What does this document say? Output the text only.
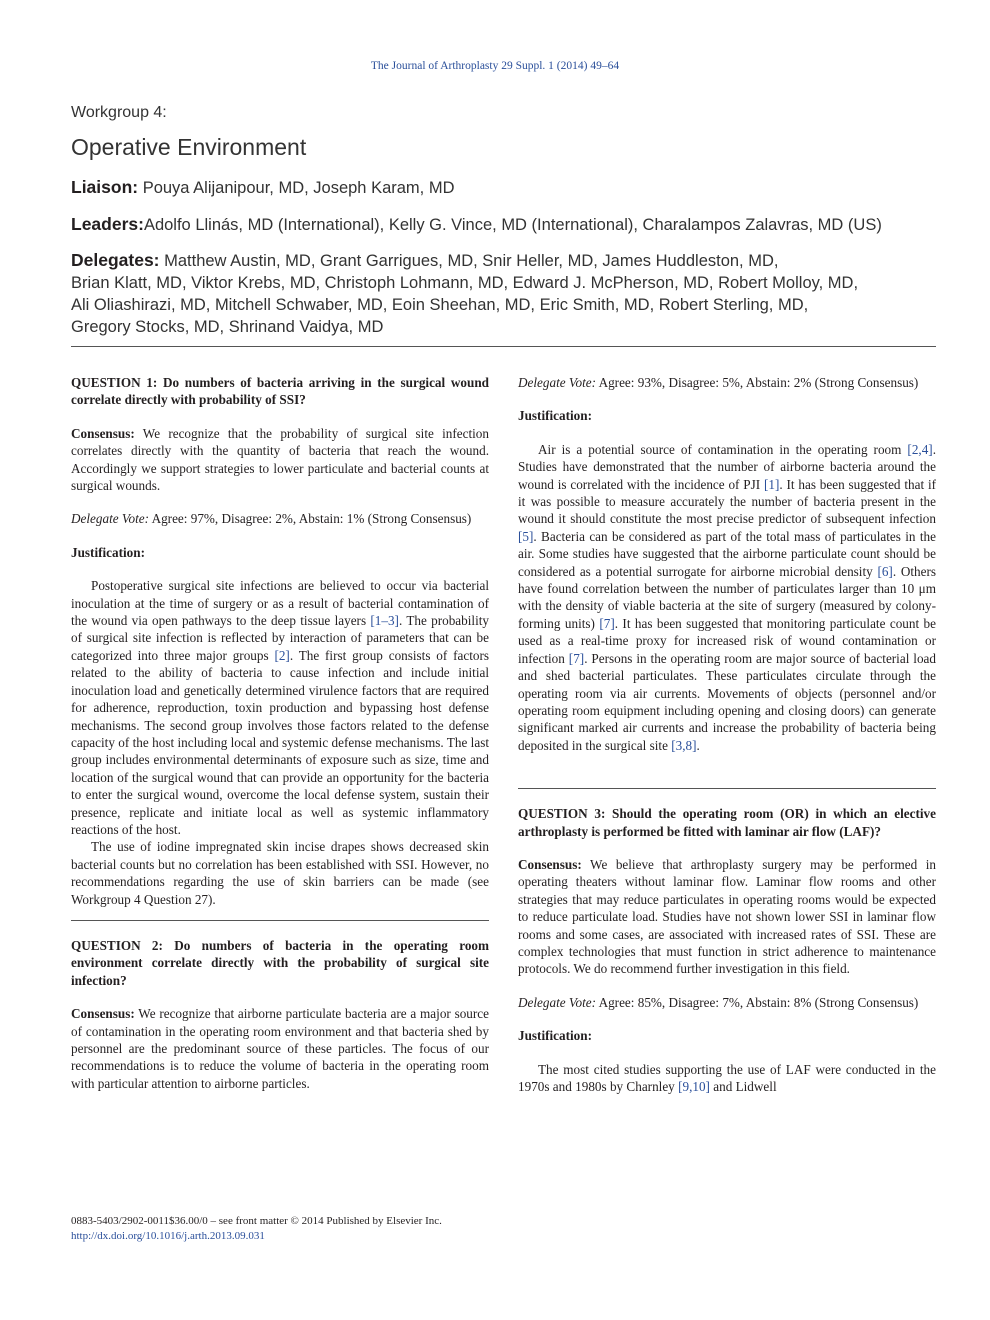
The Journal of Arthroplasty 29 Suppl. 1 (2014) 49–64
Workgroup 4:
Operative Environment
Liaison: Pouya Alijanipour, MD, Joseph Karam, MD
Leaders:Adolfo Llinás, MD (International), Kelly G. Vince, MD (International), Charalampos Zalavras, MD (US)
Delegates: Matthew Austin, MD, Grant Garrigues, MD, Snir Heller, MD, James Huddleston, MD,
Brian Klatt, MD, Viktor Krebs, MD, Christoph Lohmann, MD, Edward J. McPherson, MD, Robert Molloy, MD,
Ali Oliashirazi, MD, Mitchell Schwaber, MD, Eoin Sheehan, MD, Eric Smith, MD, Robert Sterling, MD,
Gregory Stocks, MD, Shrinand Vaidya, MD

QUESTION 1: Do numbers of bacteria arriving in the surgical wound correlate directly with probability of SSI?

Consensus: We recognize that the probability of surgical site infection correlates directly with the quantity of bacteria that reach the wound. Accordingly we support strategies to lower particulate and bacterial counts at surgical wounds.

Delegate Vote: Agree: 97%, Disagree: 2%, Abstain: 1% (Strong Consensus)

Justification:

Postoperative surgical site infections are believed to occur via bacterial inoculation at the time of surgery or as a result of bacterial contamination of the wound via open pathways to the deep tissue layers [1–3]. The probability of surgical site infection is reflected by interaction of parameters that can be categorized into three major groups [2]. The first group consists of factors related to the ability of bacteria to cause infection and include initial inoculation load and genetically determined virulence factors that are required for adherence, reproduction, toxin production and bypassing host defense mechanisms. The second group involves those factors related to the defense capacity of the host including local and systemic defense mechanisms. The last group includes environmental determinants of exposure such as size, time and location of the surgical wound that can provide an opportunity for the bacteria to enter the surgical wound, overcome the local defense system, sustain their presence, replicate and initiate local as well as systemic inflammatory reactions of the host.

The use of iodine impregnated skin incise drapes shows decreased skin bacterial counts but no correlation has been established with SSI. However, no recommendations regarding the use of skin barriers can be made (see Workgroup 4 Question 27).

QUESTION 2: Do numbers of bacteria in the operating room environment correlate directly with the probability of surgical site infection?

Consensus: We recognize that airborne particulate bacteria are a major source of contamination in the operating room environment and that bacteria shed by personnel are the predominant source of these particles. The focus of our recommendations is to reduce the volume of bacteria in the operating room with particular attention to airborne particles.

Delegate Vote: Agree: 93%, Disagree: 5%, Abstain: 2% (Strong Consensus)

Justification:

Air is a potential source of contamination in the operating room [2,4]. Studies have demonstrated that the number of airborne bacteria around the wound is correlated with the incidence of PJI [1]. It has been suggested that if it was possible to measure accurately the number of bacteria present in the wound it should constitute the most precise predictor of subsequent infection [5]. Bacteria can be considered as part of the total mass of particulates in the air. Some studies have suggested that the airborne particulate count should be considered as a potential surrogate for airborne microbial density [6]. Others have found correlation between the number of particulates larger than 10 μm with the density of viable bacteria at the site of surgery (measured by colony-forming units) [7]. It has been suggested that monitoring particulate count be used as a real-time proxy for increased risk of wound contamination or infection [7]. Persons in the operating room are major source of bacterial load and shed bacterial particulates. These particulates circulate through the operating room via air currents. Movements of objects (personnel and/or operating room equipment including opening and closing doors) can generate significant marked air currents and increase the probability of bacteria being deposited in the surgical site [3,8].

QUESTION 3: Should the operating room (OR) in which an elective arthroplasty is performed be fitted with laminar air flow (LAF)?

Consensus: We believe that arthroplasty surgery may be performed in operating theaters without laminar flow. Laminar flow rooms and other strategies that may reduce particulates in operating rooms would be expected to reduce particulate load. Studies have not shown lower SSI in laminar flow rooms and some cases, are associated with increased rates of SSI. These are complex technologies that must function in strict adherence to maintenance protocols. We do recommend further investigation in this field.

Delegate Vote: Agree: 85%, Disagree: 7%, Abstain: 8% (Strong Consensus)

Justification:

The most cited studies supporting the use of LAF were conducted in the 1970s and 1980s by Charnley [9,10] and Lidwell

0883-5403/2902-0011$36.00/0 – see front matter © 2014 Published by Elsevier Inc.
http://dx.doi.org/10.1016/j.arth.2013.09.031
